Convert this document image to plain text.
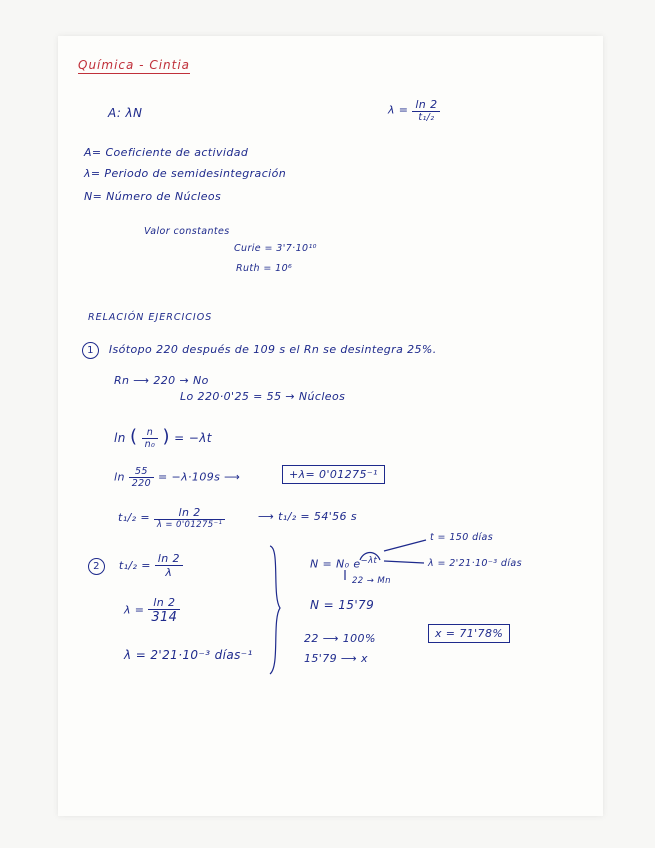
Química - Cintia
A: λN	$\lambda = \frac{\ln 2}{\text{t₁/₂}}$
A= Coeficiente de actividad
λ= Periodo de semidesintegración
N= Número de Núcleos
Valor constantes
Curie = 3'7·10¹⁰
Ruth = 10⁶
RELACIÓN EJERCICIOS
1 Isótopo 220 después de 109 s el Rn se desintegra 25%.
Rn ⟶ 220 → No
Lo 220·0'25 = 55 → Núcleos
ln ( $\frac{n}{\text{n₀}}$ ) = −λt
$\ln \frac{55}{220} = -\lambda\cdot 109s$ ⟶	+λ= 0'01275⁻¹
$t_1/_2 = \frac{\ln 2}{\text{λ = 0'01275⁻¹}}$	⟶ t₁/₂ = 54'56 s
2 $t_1/_2 = \frac{\ln 2}{\lambda}$
$\lambda = \frac{\ln 2}{314}$
λ = 2'21·10⁻³ días⁻¹
N = N₀ $e^{-\lambda t}$
22 → Mn
t = 150 días
λ = 2'21·10⁻³ días
N = 15'79
22 ⟶ 100%
15'79 ⟶ x
x = 71'78%
